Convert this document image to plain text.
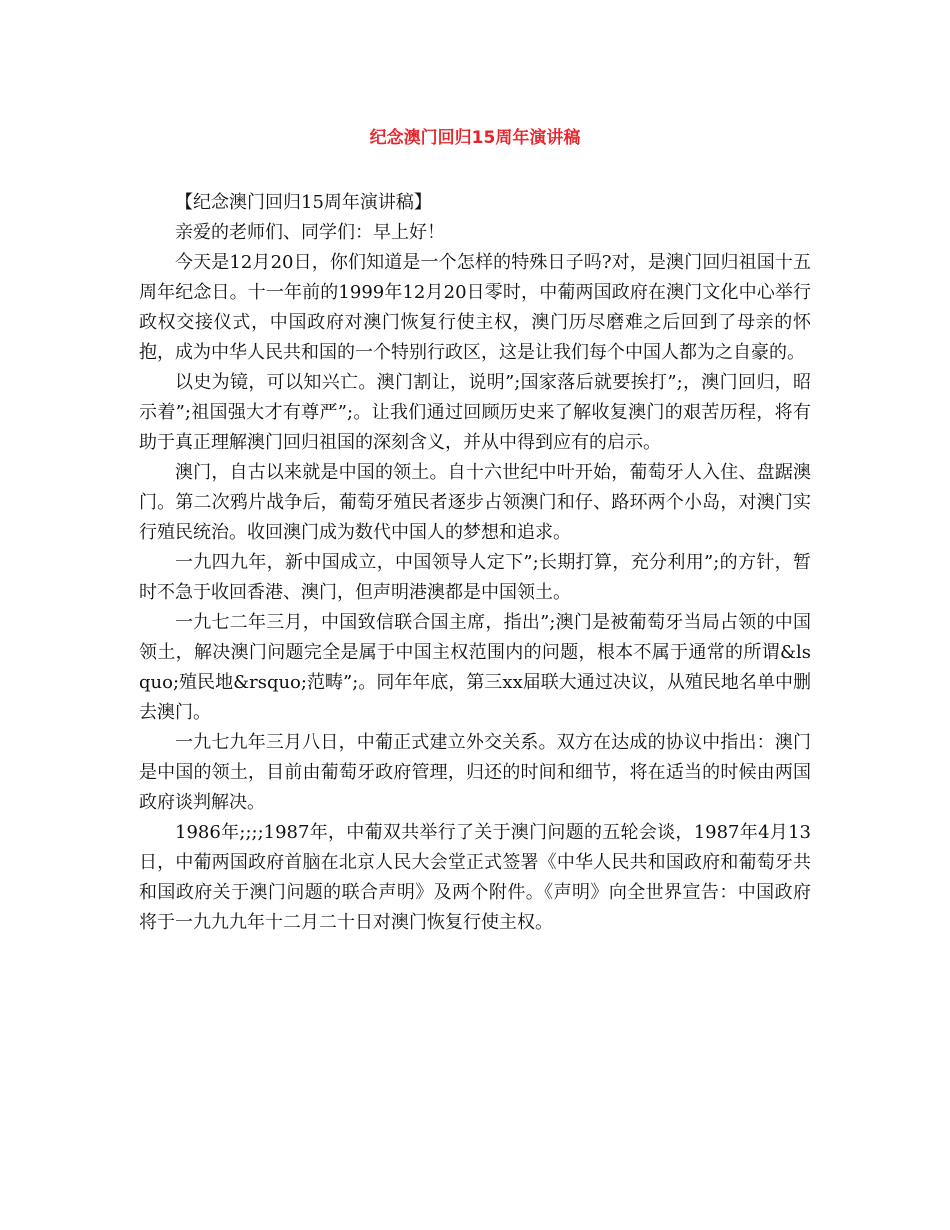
纪念澳门回归15周年演讲稿

【纪念澳门回归15周年演讲稿】

亲爱的老师们、同学们：早上好！

今天是12月20日，你们知道是一个怎样的特殊日子吗?对，是澳门回归祖国十五周年纪念日。十一年前的1999年12月20日零时，中葡两国政府在澳门文化中心举行政权交接仪式，中国政府对澳门恢复行使主权，澳门历尽磨难之后回到了母亲的怀抱，成为中华人民共和国的一个特别行政区，这是让我们每个中国人都为之自豪的。

以史为镜，可以知兴亡。澳门割让，说明”;国家落后就要挨打”;，澳门回归，昭示着”;祖国强大才有尊严”;。让我们通过回顾历史来了解收复澳门的艰苦历程，将有助于真正理解澳门回归祖国的深刻含义，并从中得到应有的启示。

澳门，自古以来就是中国的领土。自十六世纪中叶开始，葡萄牙人入住、盘踞澳门。第二次鸦片战争后，葡萄牙殖民者逐步占领澳门和仔、路环两个小岛，对澳门实行殖民统治。收回澳门成为数代中国人的梦想和追求。

一九四九年，新中国成立，中国领导人定下”;长期打算，充分利用”;的方针，暂时不急于收回香港、澳门，但声明港澳都是中国领土。

一九七二年三月，中国致信联合国主席，指出”;澳门是被葡萄牙当局占领的中国领土，解决澳门问题完全是属于中国主权范围内的问题，根本不属于通常的所谓&lsquo;殖民地&rsquo;范畴”;。同年年底，第三xx届联大通过决议，从殖民地名单中删去澳门。

一九七九年三月八日，中葡正式建立外交关系。双方在达成的协议中指出：澳门是中国的领土，目前由葡萄牙政府管理，归还的时间和细节，将在适当的时候由两国政府谈判解决。

1986年;;;;1987年，中葡双共举行了关于澳门问题的五轮会谈，1987年4月13日，中葡两国政府首脑在北京人民大会堂正式签署《中华人民共和国政府和葡萄牙共和国政府关于澳门问题的联合声明》及两个附件。《声明》向全世界宣告：中国政府将于一九九九年十二月二十日对澳门恢复行使主权。
